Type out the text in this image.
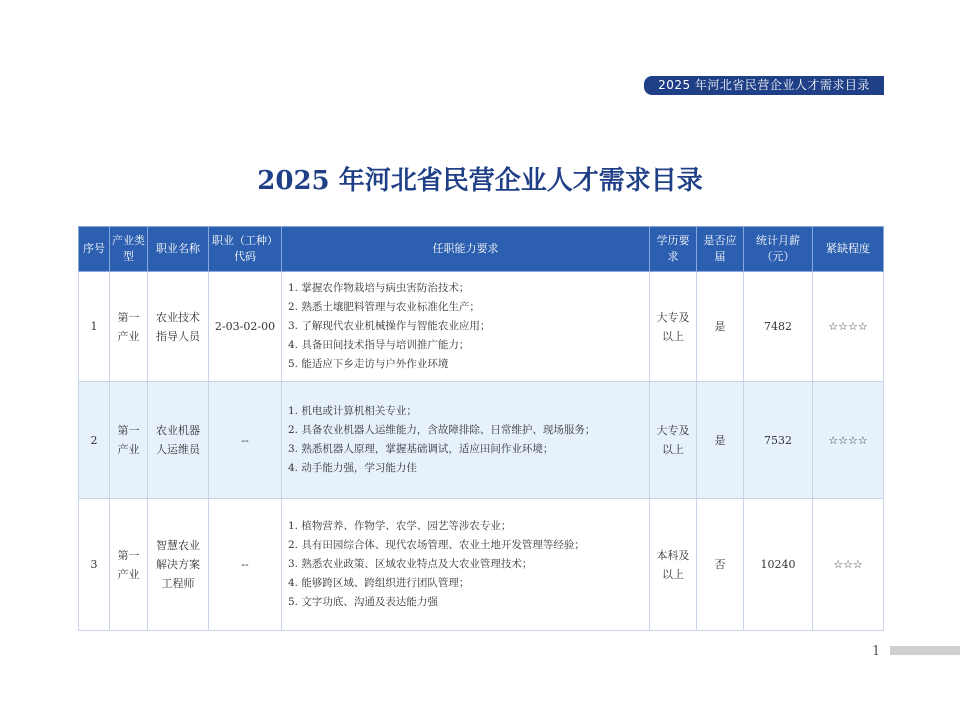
2025 年河北省民营企业人才需求目录
2025 年河北省民营企业人才需求目录
序号	产业类型	职业名称	职业（工种）代码	任职能力要求	学历要求	是否应届	统计月薪（元）	紧缺程度
1	第一产业	农业技术指导人员	2-03-02-00	1. 掌握农作物栽培与病虫害防治技术；
2. 熟悉土壤肥料管理与农业标准化生产；
3. 了解现代农业机械操作与智能农业应用；
4. 具备田间技术指导与培训推广能力；
5. 能适应下乡走访与户外作业环境	大专及以上	是	7482	☆☆☆☆
2	第一产业	农业机器人运维员	--	1. 机电或计算机相关专业；
2. 具备农业机器人运维能力，含故障排除、日常维护、现场服务；
3. 熟悉机器人原理，掌握基础调试，适应田间作业环境；
4. 动手能力强，学习能力佳	大专及以上	是	7532	☆☆☆☆
3	第一产业	智慧农业解决方案工程师	--	1. 植物营养、作物学、农学、园艺等涉农专业；
2. 具有田园综合体、现代农场管理、农业土地开发管理等经验；
3. 熟悉农业政策、区域农业特点及大农业管理技术；
4. 能够跨区域、跨组织进行团队管理；
5. 文字功底、沟通及表达能力强	本科及以上	否	10240	☆☆☆
1
